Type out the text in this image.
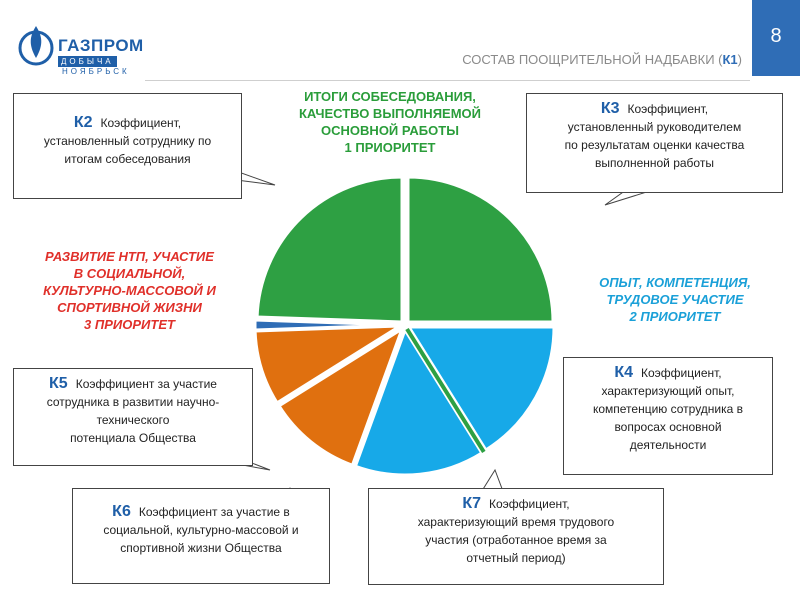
ГАЗПРОМ
ДОБЫЧА
НОЯБРЬСК
8
СОСТАВ ПООЩРИТЕЛЬНОЙ НАДБАВКИ (К1)
ИТОГИ СОБЕСЕДОВАНИЯ,
КАЧЕСТВО ВЫПОЛНЯЕМОЙ
ОСНОВНОЙ РАБОТЫ
1 ПРИОРИТЕТ
ОПЫТ, КОМПЕТЕНЦИЯ,
ТРУДОВОЕ УЧАСТИЕ
2 ПРИОРИТЕТ
РАЗВИТИЕ НТП, УЧАСТИЕ
В СОЦИАЛЬНОЙ,
КУЛЬТУРНО-МАССОВОЙ И
СПОРТИВНОЙ ЖИЗНИ
3 ПРИОРИТЕТ
К2 Коэффициент,
установленный сотруднику по
итогам собеседования
К3 Коэффициент,
установленный руководителем
по результатам оценки качества
выполненной работы
К4 Коэффициент,
характеризующий опыт,
компетенцию сотрудника в
вопросах основной
деятельности
К5 Коэффициент за участие
сотрудника в развитии научно-
технического
потенциала Общества
К6 Коэффициент за участие в
социальной, культурно-массовой и
спортивной жизни Общества
К7 Коэффициент,
характеризующий время трудового
участия (отработанное время за
отчетный период)
